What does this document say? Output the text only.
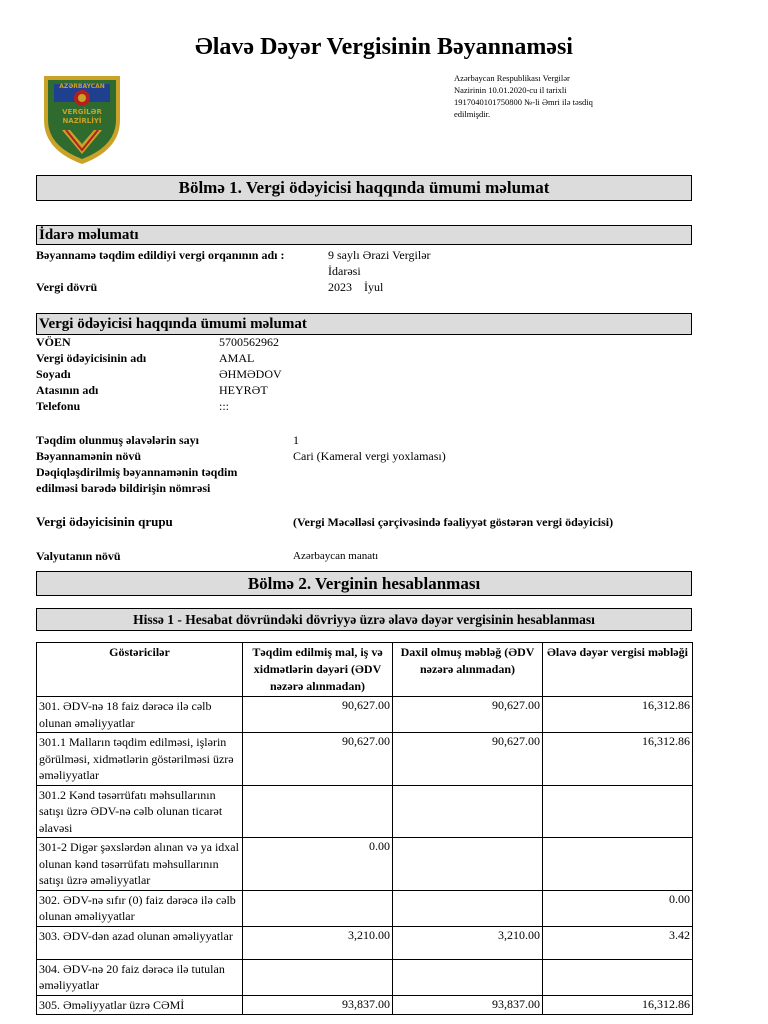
Əlavə Dəyər Vergisinin Bəyannaməsi
AZƏRBAYCAN
VERGİLƏR
NAZİRLİYİ
Azərbaycan Respublikası Vergilər Nazirinin 10.01.2020-cu il tarixli 1917040101750800 №-li Əmri ilə təsdiq edilmişdir.
Bölmə 1. Vergi ödəyicisi haqqında ümumi məlumat
İdarə məlumatı
Bəyannamə təqdim edildiyi vergi orqanının adı :	9 saylı Ərazi Vergilər
İdarəsi
Vergi dövrü	2023 İyul
Vergi ödəyicisi haqqında ümumi məlumat
VÖEN	5700562962
Vergi ödəyicisinin adı	AMAL
Soyadı	ƏHMƏDOV
Atasının adı	HEYRƏT
Telefonu	:::
Təqdim olunmuş əlavələrin sayı	1
Bəyannamənin növü	Cari (Kameral vergi yoxlaması)
Dəqiqləşdirilmiş bəyannamənin təqdim
edilməsi barədə bildirişin nömrəsi
Vergi ödəyicisinin qrupu	(Vergi Məcəlləsi çərçivəsində fəaliyyət göstərən vergi ödəyicisi)
Valyutanın növü	Azərbaycan manatı
Bölmə 2. Verginin hesablanması
Hissə 1 - Hesabat dövründəki dövriyyə üzrə əlavə dəyər vergisinin hesablanması
Göstəricilər	Təqdim edilmiş mal, iş və xidmətlərin dəyəri (ƏDV nəzərə alınmadan)	Daxil olmuş məbləğ (ƏDV nəzərə alınmadan)	Əlavə dəyər vergisi məbləği
301. ƏDV-nə 18 faiz dərəcə ilə cəlb olunan əməliyyatlar	90,627.00	90,627.00	16,312.86
301.1 Malların təqdim edilməsi, işlərin görülməsi, xidmətlərin göstərilməsi üzrə əməliyyatlar	90,627.00	90,627.00	16,312.86
301.2 Kənd təsərrüfatı məhsullarının satışı üzrə ƏDV-nə cəlb olunan ticarət əlavəsi			
301-2 Digər şəxslərdən alınan və ya idxal olunan kənd təsərrüfatı məhsullarının satışı üzrə əməliyyatlar	0.00		
302. ƏDV-nə sıfır (0) faiz dərəcə ilə cəlb olunan əməliyyatlar			0.00
303. ƏDV-dən azad olunan əməliyyatlar	3,210.00	3,210.00	3.42
304. ƏDV-nə 20 faiz dərəcə ilə tutulan əməliyyatlar			
305. Əməliyyatlar üzrə CƏMİ	93,837.00	93,837.00	16,312.86
